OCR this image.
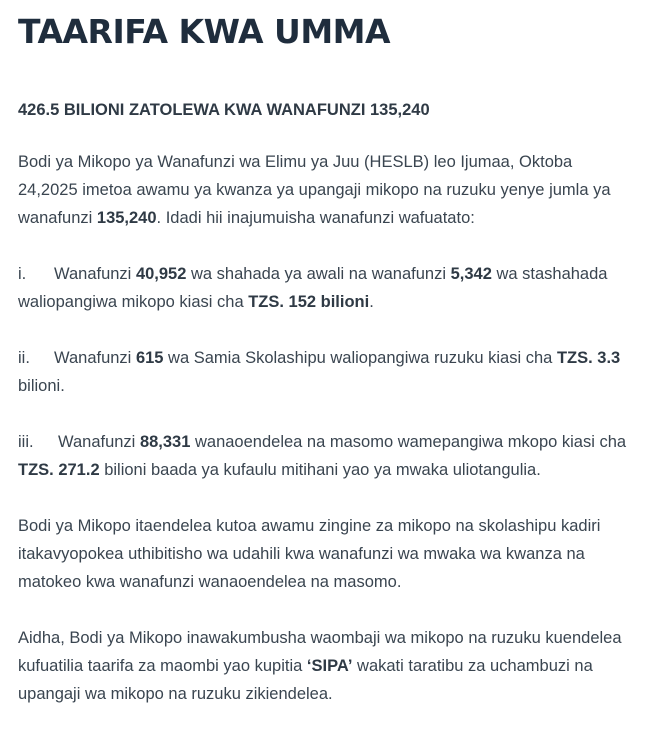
TAARIFA KWA UMMA

426.5 BILIONI ZATOLEWA KWA WANAFUNZI 135,240

Bodi ya Mikopo ya Wanafunzi wa Elimu ya Juu (HESLB) leo Ijumaa, Oktoba 24,2025 imetoa awamu ya kwanza ya upangaji mikopo na ruzuku yenye jumla ya wanafunzi 135,240. Idadi hii inajumuisha wanafunzi wafuatato:

i. Wanafunzi 40,952 wa shahada ya awali na wanafunzi 5,342 wa stashahada waliopangiwa mikopo kiasi cha TZS. 152 bilioni.

ii. Wanafunzi 615 wa Samia Skolashipu waliopangiwa ruzuku kiasi cha TZS. 3.3 bilioni.

iii. Wanafunzi 88,331 wanaoendelea na masomo wamepangiwa mkopo kiasi cha TZS. 271.2 bilioni baada ya kufaulu mitihani yao ya mwaka uliotangulia.

Bodi ya Mikopo itaendelea kutoa awamu zingine za mikopo na skolashipu kadiri itakavyopokea uthibitisho wa udahili kwa wanafunzi wa mwaka wa kwanza na matokeo kwa wanafunzi wanaoendelea na masomo.

Aidha, Bodi ya Mikopo inawakumbusha waombaji wa mikopo na ruzuku kuendelea kufuatilia taarifa za maombi yao kupitia ‘SIPA’ wakati taratibu za uchambuzi na upangaji wa mikopo na ruzuku zikiendelea.
